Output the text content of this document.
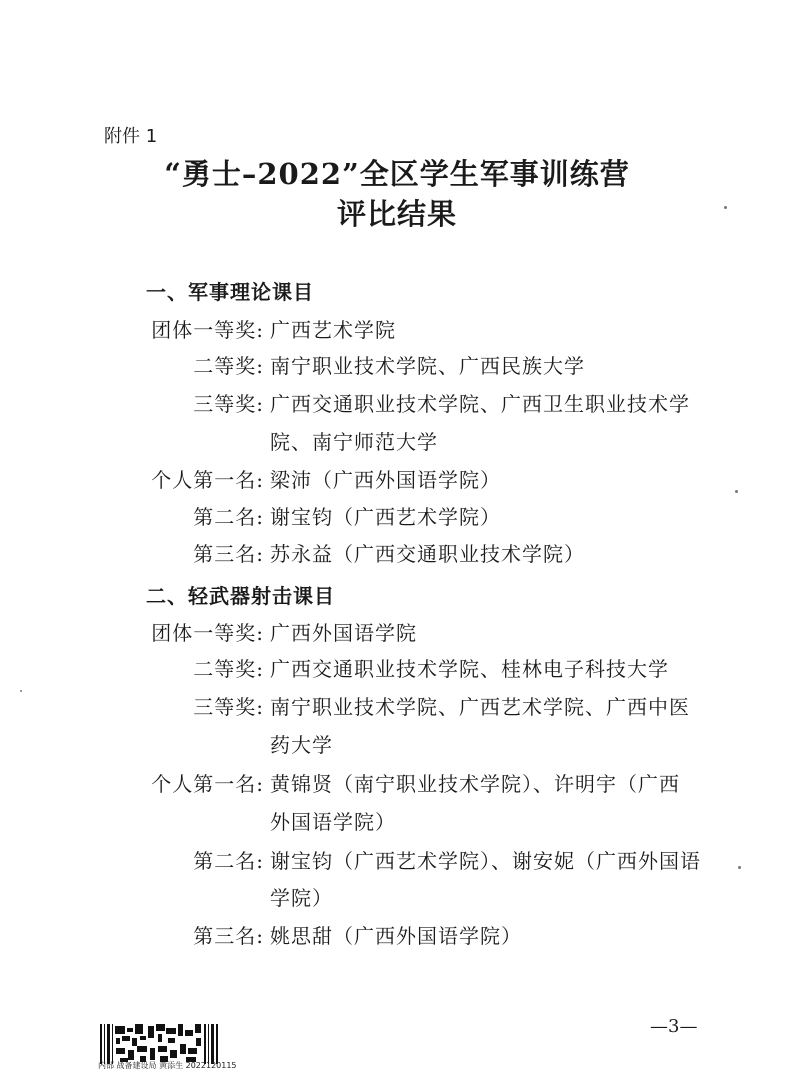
附件 1
“勇士–2022”全区学生军事训练营
评比结果
一、军事理论课目
团体一等奖: 广西艺术学院
二等奖: 南宁职业技术学院、广西民族大学
三等奖: 广西交通职业技术学院、广西卫生职业技术学
院、南宁师范大学
个人第一名: 梁沛（广西外国语学院）
第二名: 谢宝钧（广西艺术学院）
第三名: 苏永益（广西交通职业技术学院）
二、轻武器射击课目
团体一等奖: 广西外国语学院
二等奖: 广西交通职业技术学院、桂林电子科技大学
三等奖: 南宁职业技术学院、广西艺术学院、广西中医
药大学
个人第一名: 黄锦贤（南宁职业技术学院）、许明宇（广西
外国语学院）
第二名: 谢宝钧（广西艺术学院）、谢安妮（广西外国语
学院）
第三名: 姚思甜（广西外国语学院）
内部 战备建设局 黄添生 2022120115
—3—
